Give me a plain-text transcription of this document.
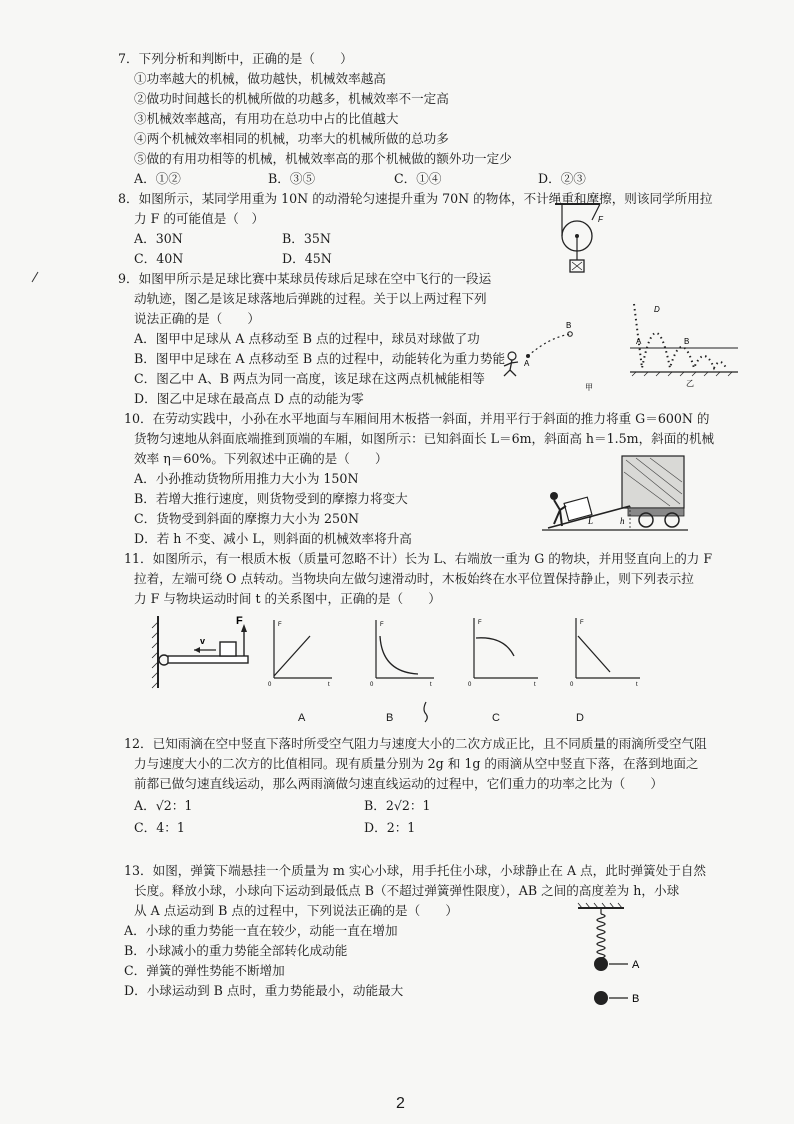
7．下列分析和判断中，正确的是（　　）
①功率越大的机械，做功越快，机械效率越高
②做功时间越长的机械所做的功越多，机械效率不一定高
③机械效率越高，有用功在总功中占的比值越大
④两个机械效率相同的机械，功率大的机械所做的总功多
⑤做的有用功相等的机械，机械效率高的那个机械做的额外功一定少
A．①②	B．③⑤	C．①④	D．②③
8．如图所示，某同学用重为 10N 的动滑轮匀速提升重为 70N 的物体，不计绳重和摩擦，则该同学所用拉
力 F 的可能值是（　）
A．30N	B．35N
C．40N	D．45N
F
9．如图甲所示是足球比赛中某球员传球后足球在空中飞行的一段运
动轨迹，图乙是该足球落地后弹跳的过程。关于以上两过程下列
说法正确的是（　　）
A．图甲中足球从 A 点移动至 B 点的过程中，球员对球做了功
B．图甲中足球在 A 点移动至 B 点的过程中，动能转化为重力势能
C．图乙中 A、B 两点为同一高度，该足球在这两点机械能相等
D．图乙中足球在最高点 D 点的动能为零
A
B
甲
D
A	B
乙
10．在劳动实践中，小孙在水平地面与车厢间用木板搭一斜面，并用平行于斜面的推力将重 G＝600N 的
货物匀速地从斜面底端推到顶端的车厢，如图所示：已知斜面长 L＝6m，斜面高 h＝1.5m，斜面的机械
效率 η＝60%。下列叙述中正确的是（　　）
A．小孙推动货物所用推力大小为 150N
B．若增大推行速度，则货物受到的摩擦力将变大
C．货物受到斜面的摩擦力大小为 250N
D．若 h 不变、减小 L，则斜面的机械效率将升高
L	h
11．如图所示，有一根质木板（质量可忽略不计）长为 L、右端放一重为 G 的物块，并用竖直向上的力 F
拉着，左端可绕 O 点转动。当物块向左做匀速滑动时，木板始终在水平位置保持静止，则下列表示拉
力 F 与物块运动时间 t 的关系图中，正确的是（　　）
v
F	F
t
0
F
t
0
F
t
0
F
t
0
A	B	C	D
12．已知雨滴在空中竖直下落时所受空气阻力与速度大小的二次方成正比，且不同质量的雨滴所受空气阻
力与速度大小的二次方的比值相同。现有质量分别为 2g 和 1g 的雨滴从空中竖直下落，在落到地面之
前都已做匀速直线运动，那么两雨滴做匀速直线运动的过程中，它们重力的功率之比为（　　）
A．√2：1	B．2√2：1
C．4：1	D．2：1
13．如图，弹簧下端悬挂一个质量为 m 实心小球，用手托住小球，小球静止在 A 点，此时弹簧处于自然
长度。释放小球，小球向下运动到最低点 B（不超过弹簧弹性限度），AB 之间的高度差为 h，小球
从 A 点运动到 B 点的过程中，下列说法正确的是（　　）
A．小球的重力势能一直在较少，动能一直在增加
B．小球减小的重力势能全部转化成动能
C．弹簧的弹性势能不断增加
D．小球运动到 B 点时，重力势能最小，动能最大
A
B
2
